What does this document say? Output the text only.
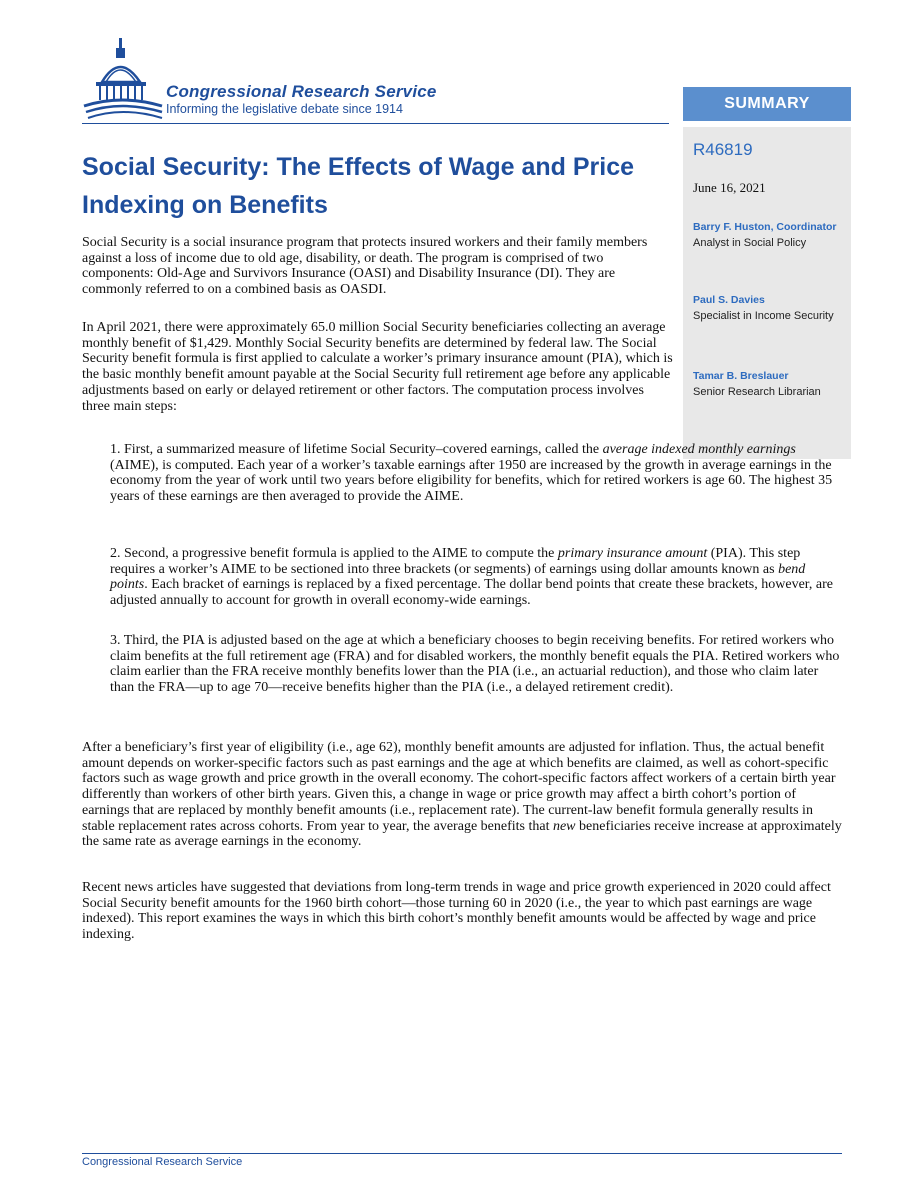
Congressional Research Service
Informing the legislative debate since 1914	SUMMARY
R46819
June 16, 2021
Barry F. Huston, Coordinator
Analyst in Social Policy
Paul S. Davies
Specialist in Income Security
Tamar B. Breslauer
Senior Research Librarian
Social Security: The Effects of Wage and Price Indexing on Benefits
Social Security is a social insurance program that protects insured workers and their family members against a loss of income due to old age, disability, or death. The program is comprised of two components: Old-Age and Survivors Insurance (OASI) and Disability Insurance (DI). They are commonly referred to on a combined basis as OASDI.
In April 2021, there were approximately 65.0 million Social Security beneficiaries collecting an average monthly benefit of $1,429. Monthly Social Security benefits are determined by federal law. The Social Security benefit formula is first applied to calculate a worker’s primary insurance amount (PIA), which is the basic monthly benefit amount payable at the Social Security full retirement age before any applicable adjustments based on early or delayed retirement or other factors. The computation process involves three main steps:
1. First, a summarized measure of lifetime Social Security–covered earnings, called the average indexed monthly earnings (AIME), is computed. Each year of a worker’s taxable earnings after 1950 are increased by the growth in average earnings in the economy from the year of work until two years before eligibility for benefits, which for retired workers is age 60. The highest 35 years of these earnings are then averaged to provide the AIME.
2. Second, a progressive benefit formula is applied to the AIME to compute the primary insurance amount (PIA). This step requires a worker’s AIME to be sectioned into three brackets (or segments) of earnings using dollar amounts known as bend points. Each bracket of earnings is replaced by a fixed percentage. The dollar bend points that create these brackets, however, are adjusted annually to account for growth in overall economy-wide earnings.
3. Third, the PIA is adjusted based on the age at which a beneficiary chooses to begin receiving benefits. For retired workers who claim benefits at the full retirement age (FRA) and for disabled workers, the monthly benefit equals the PIA. Retired workers who claim earlier than the FRA receive monthly benefits lower than the PIA (i.e., an actuarial reduction), and those who claim later than the FRA—up to age 70—receive benefits higher than the PIA (i.e., a delayed retirement credit).
After a beneficiary’s first year of eligibility (i.e., age 62), monthly benefit amounts are adjusted for inflation. Thus, the actual benefit amount depends on worker-specific factors such as past earnings and the age at which benefits are claimed, as well as cohort-specific factors such as wage growth and price growth in the overall economy. The cohort-specific factors affect workers of a certain birth year differently than workers of other birth years. Given this, a change in wage or price growth may affect a birth cohort’s portion of earnings that are replaced by monthly benefit amounts (i.e., replacement rate). The current-law benefit formula generally results in stable replacement rates across cohorts. From year to year, the average benefits that new beneficiaries receive increase at approximately the same rate as average earnings in the economy.
Recent news articles have suggested that deviations from long-term trends in wage and price growth experienced in 2020 could affect Social Security benefit amounts for the 1960 birth cohort—those turning 60 in 2020 (i.e., the year to which past earnings are wage indexed). This report examines the ways in which this birth cohort’s monthly benefit amounts would be affected by wage and price indexing.
Congressional Research Service
